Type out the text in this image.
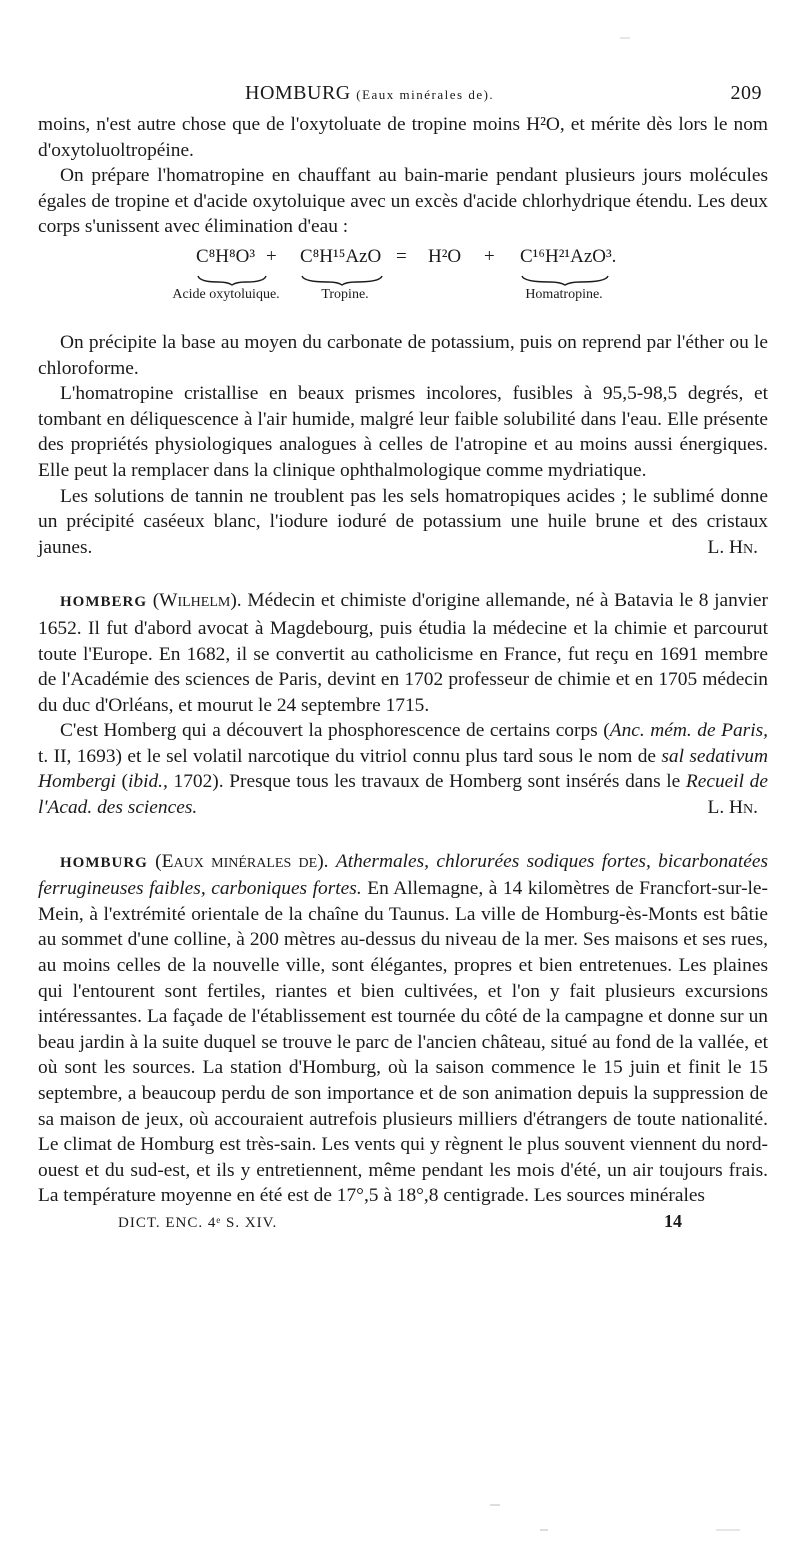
HOMBURG (Eaux minérales de).	209

moins, n'est autre chose que de l'oxytoluate de tropine moins H²O, et mérite dès lors le nom d'oxytoluoltropéine.

On prépare l'homatropine en chauffant au bain-marie pendant plusieurs jours molécules égales de tropine et d'acide oxytoluique avec un excès d'acide chlorhydrique étendu. Les deux corps s'unissent avec élimination d'eau :

C⁸H⁸O³ + C⁸H¹⁵AzO = H²O + C¹⁶H²¹AzO³.
Acide oxytoluique.	Tropine.	Homatropine.

On précipite la base au moyen du carbonate de potassium, puis on reprend par l'éther ou le chloroforme.

L'homatropine cristallise en beaux prismes incolores, fusibles à 95,5-98,5 degrés, et tombant en déliquescence à l'air humide, malgré leur faible solubilité dans l'eau. Elle présente des propriétés physiologiques analogues à celles de l'atropine et au moins aussi énergiques. Elle peut la remplacer dans la clinique ophthalmologique comme mydriatique.

Les solutions de tannin ne troublent pas les sels homatropiques acides ; le sublimé donne un précipité caséeux blanc, l'iodure ioduré de potassium une huile brune et des cristaux jaunes.	L. Hn.

HOMBERG (Wilhelm). Médecin et chimiste d'origine allemande, né à Batavia le 8 janvier 1652. Il fut d'abord avocat à Magdebourg, puis étudia la médecine et la chimie et parcourut toute l'Europe. En 1682, il se convertit au catholicisme en France, fut reçu en 1691 membre de l'Académie des sciences de Paris, devint en 1702 professeur de chimie et en 1705 médecin du duc d'Orléans, et mourut le 24 septembre 1715.

C'est Homberg qui a découvert la phosphorescence de certains corps (Anc. mém. de Paris, t. II, 1693) et le sel volatil narcotique du vitriol connu plus tard sous le nom de sal sedativum Hombergi (ibid., 1702). Presque tous les travaux de Homberg sont insérés dans le Recueil de l'Acad. des sciences.	L. Hn.

HOMBURG (Eaux minérales de). Athermales, chlorurées sodiques fortes, bicarbonatées ferrugineuses faibles, carboniques fortes. En Allemagne, à 14 kilomètres de Francfort-sur-le-Mein, à l'extrémité orientale de la chaîne du Taunus. La ville de Homburg-ès-Monts est bâtie au sommet d'une colline, à 200 mètres au-dessus du niveau de la mer. Ses maisons et ses rues, au moins celles de la nouvelle ville, sont élégantes, propres et bien entretenues. Les plaines qui l'entourent sont fertiles, riantes et bien cultivées, et l'on y fait plusieurs excursions intéressantes. La façade de l'établissement est tournée du côté de la campagne et donne sur un beau jardin à la suite duquel se trouve le parc de l'ancien château, situé au fond de la vallée, et où sont les sources. La station d'Homburg, où la saison commence le 15 juin et finit le 15 septembre, a beaucoup perdu de son importance et de son animation depuis la suppression de sa maison de jeux, où accouraient autrefois plusieurs milliers d'étrangers de toute nationalité. Le climat de Homburg est très-sain. Les vents qui y règnent le plus souvent viennent du nord-ouest et du sud-est, et ils y entretiennent, même pendant les mois d'été, un air toujours frais. La température moyenne en été est de 17°,5 à 18°,8 centigrade. Les sources minérales

DICT. ENC. 4ᵉ S. XIV.	14
